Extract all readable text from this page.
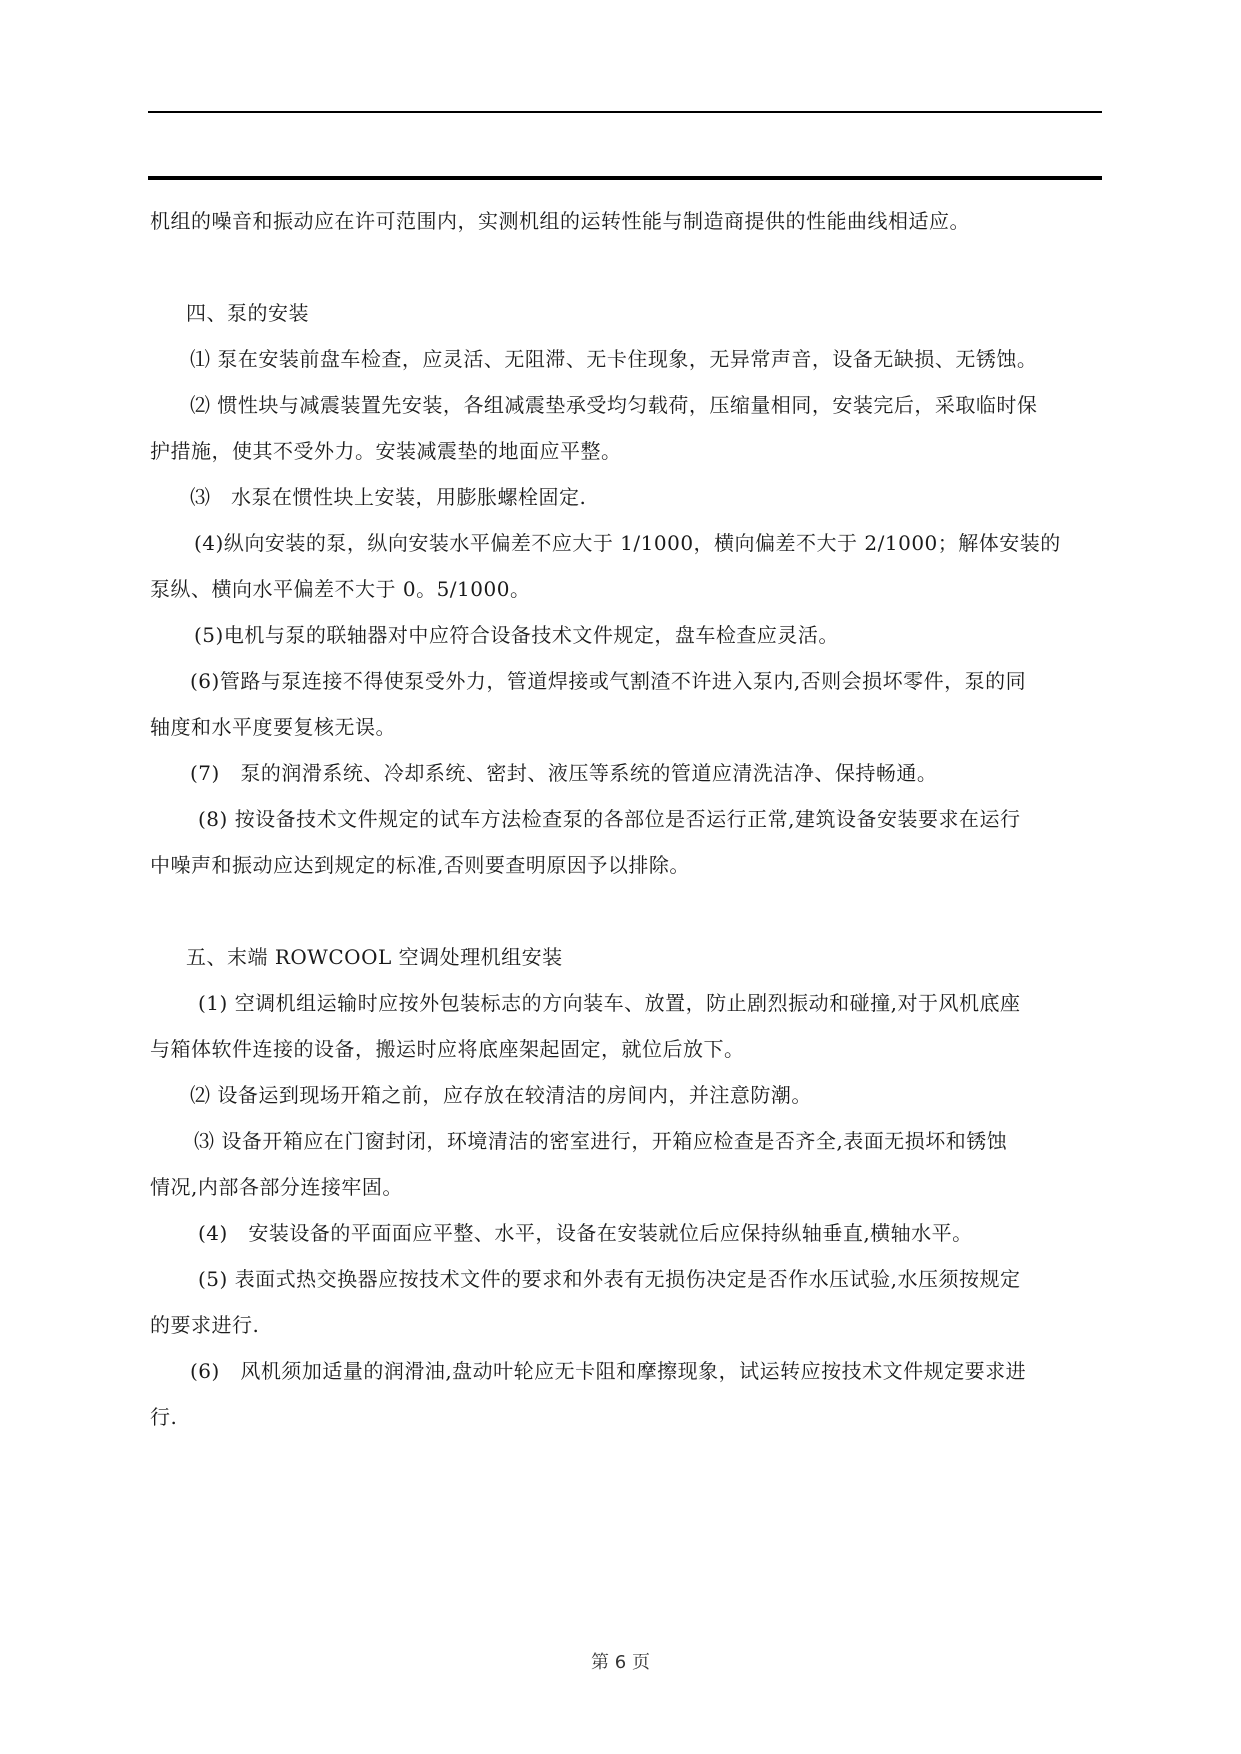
机组的噪音和振动应在许可范围内，实测机组的运转性能与制造商提供的性能曲线相适应。
四、泵的安装
⑴ 泵在安装前盘车检查，应灵活、无阻滞、无卡住现象，无异常声音，设备无缺损、无锈蚀。
⑵ 惯性块与减震装置先安装，各组减震垫承受均匀载荷，压缩量相同，安装完后，采取临时保
护措施，使其不受外力。安装减震垫的地面应平整。
⑶　水泵在惯性块上安装，用膨胀螺栓固定.
(4)纵向安装的泵，纵向安装水平偏差不应大于 1/1000，横向偏差不大于 2/1000；解体安装的
泵纵、横向水平偏差不大于 0。5/1000。
(5)电机与泵的联轴器对中应符合设备技术文件规定，盘车检查应灵活。
(6)管路与泵连接不得使泵受外力，管道焊接或气割渣不许进入泵内,否则会损坏零件，泵的同
轴度和水平度要复核无误。
(7)　泵的润滑系统、冷却系统、密封、液压等系统的管道应清洗洁净、保持畅通。
(8) 按设备技术文件规定的试车方法检查泵的各部位是否运行正常,建筑设备安装要求在运行
中噪声和振动应达到规定的标准,否则要查明原因予以排除。
五、末端 ROWCOOL 空调处理机组安装
(1) 空调机组运输时应按外包装标志的方向装车、放置，防止剧烈振动和碰撞,对于风机底座
与箱体软件连接的设备，搬运时应将底座架起固定，就位后放下。
⑵ 设备运到现场开箱之前，应存放在较清洁的房间内，并注意防潮。
⑶ 设备开箱应在门窗封闭，环境清洁的密室进行，开箱应检查是否齐全,表面无损坏和锈蚀
情况,内部各部分连接牢固。
(4)　安装设备的平面面应平整、水平，设备在安装就位后应保持纵轴垂直,横轴水平。
(5) 表面式热交换器应按技术文件的要求和外表有无损伤决定是否作水压试验,水压须按规定
的要求进行.
(6)　风机须加适量的润滑油,盘动叶轮应无卡阻和摩擦现象，试运转应按技术文件规定要求进
行.
第 6 页
